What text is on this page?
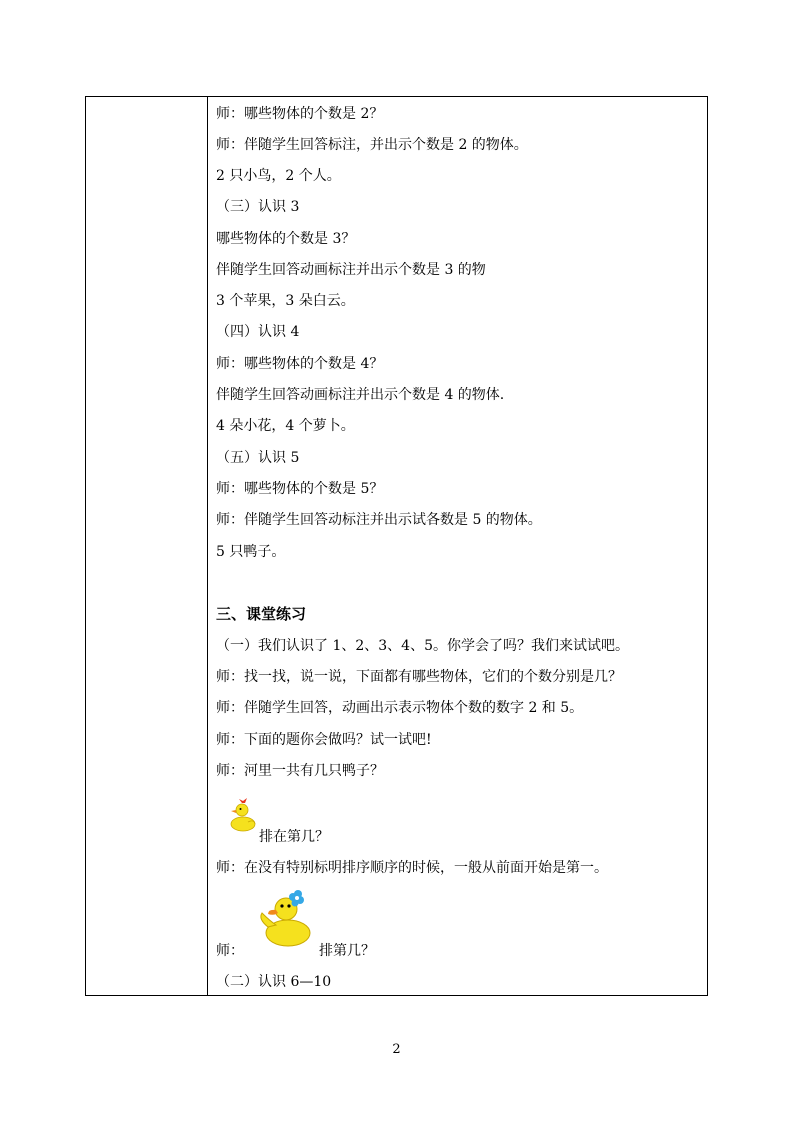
师：哪些物体的个数是 2？
师：伴随学生回答标注，并出示个数是 2 的物体。
2 只小鸟，2 个人。
（三）认识 3
哪些物体的个数是 3？
伴随学生回答动画标注并出示个数是 3 的物
3 个苹果，3 朵白云。
（四）认识 4
师：哪些物体的个数是 4？
伴随学生回答动画标注并出示个数是 4 的物体.
4 朵小花，4 个萝卜。
（五）认识 5
师：哪些物体的个数是 5？
师：伴随学生回答动标注并出示试各数是 5 的物体。
5 只鸭子。
三、课堂练习
（一）我们认识了 1、2、3、4、5。你学会了吗？我们来试试吧。
师：找一找，说一说，下面都有哪些物体，它们的个数分别是几？
师：伴随学生回答，动画出示表示物体个数的数字 2 和 5。
师：下面的题你会做吗？试一试吧!
师：河里一共有几只鸭子？
排在第几？
师：在没有特别标明排序顺序的时候，一般从前面开始是第一。
师：	排第几？
（二）认识 6—10
2
